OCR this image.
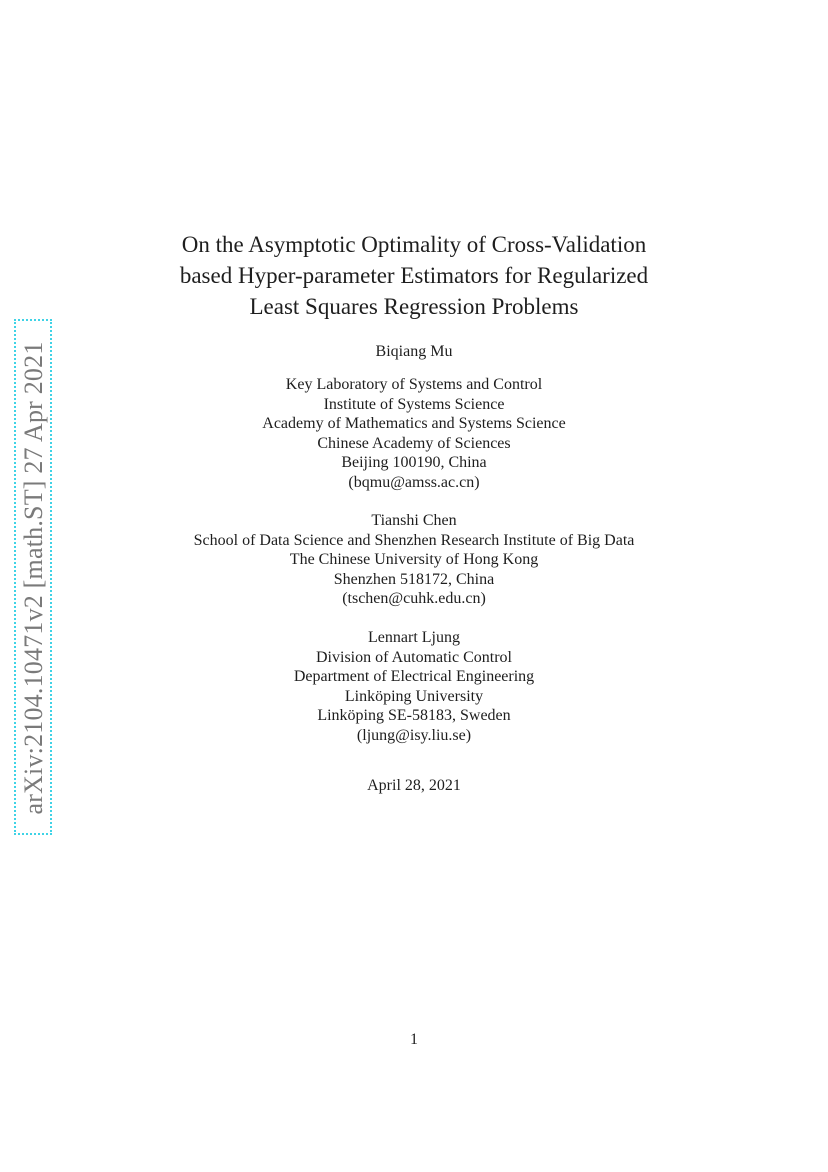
arXiv:2104.10471v2 [math.ST] 27 Apr 2021
On the Asymptotic Optimality of Cross-Validation
based Hyper-parameter Estimators for Regularized
Least Squares Regression Problems
Biqiang Mu
Key Laboratory of Systems and Control
Institute of Systems Science
Academy of Mathematics and Systems Science
Chinese Academy of Sciences
Beijing 100190, China
(bqmu@amss.ac.cn)
Tianshi Chen
School of Data Science and Shenzhen Research Institute of Big Data
The Chinese University of Hong Kong
Shenzhen 518172, China
(tschen@cuhk.edu.cn)
Lennart Ljung
Division of Automatic Control
Department of Electrical Engineering
Linköping University
Linköping SE-58183, Sweden
(ljung@isy.liu.se)
April 28, 2021
1
